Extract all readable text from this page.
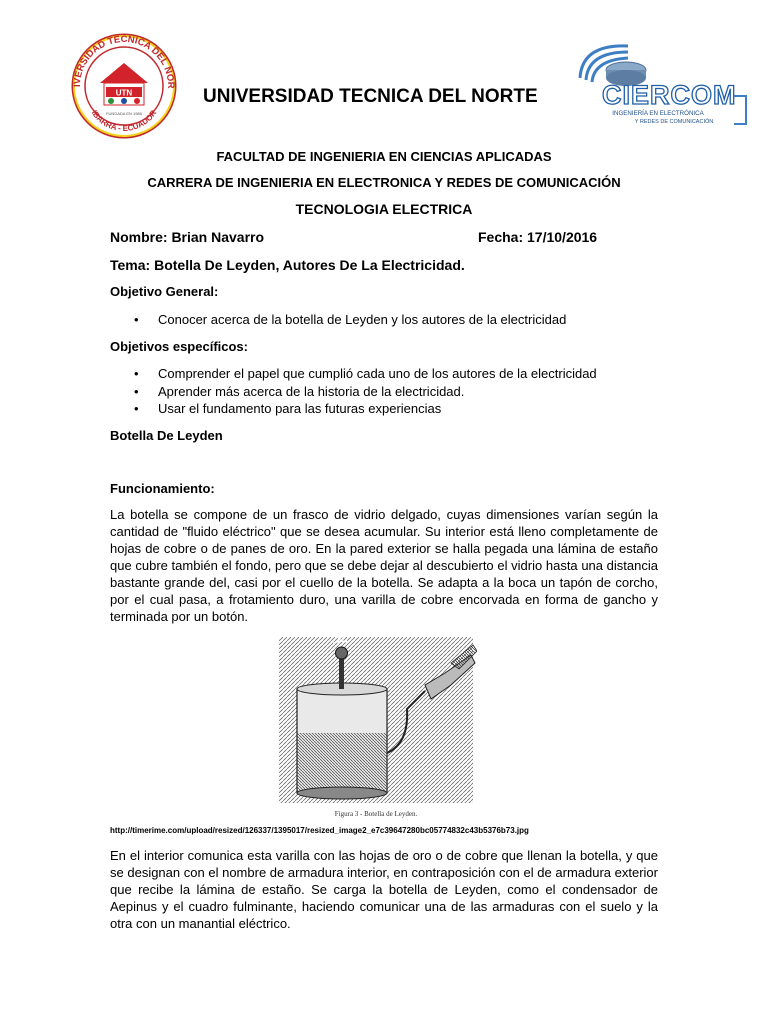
IVERSIDAD TECNICA DEL NOR
IBARRA - ECUADOR
UTN
FUNDADA EN 1986
UNIVERSIDAD TECNICA DEL NORTE CIERCOM
INGENIERÍA EN ELECTRÓNICA
Y REDES DE COMUNICACIÓN
FACULTAD DE INGENIERIA EN CIENCIAS APLICADAS
CARRERA DE INGENIERIA EN ELECTRONICA Y REDES DE COMUNICACIÓN
TECNOLOGIA ELECTRICA
Nombre: Brian Navarro	Fecha: 17/10/2016
Tema: Botella De Leyden, Autores De La Electricidad.
Objetivo General:
• Conocer acerca de la botella de Leyden y los autores de la electricidad
Objetivos específicos:
• Comprender el papel que cumplió cada uno de los autores de la electricidad
• Aprender más acerca de la historia de la electricidad.
• Usar el fundamento para las futuras experiencias
Botella De Leyden
Funcionamiento:
La botella se compone de un frasco de vidrio delgado, cuyas dimensiones varían según la cantidad de "fluido eléctrico" que se desea acumular. Su interior está lleno completamente de hojas de cobre o de panes de oro. En la pared exterior se halla pegada una lámina de estaño que cubre también el fondo, pero que se debe dejar al descubierto el vidrio hasta una distancia bastante grande del, casi por el cuello de la botella. Se adapta a la boca un tapón de corcho, por el cual pasa, a frotamiento duro, una varilla de cobre encorvada en forma de gancho y terminada por un botón.
Figura 3 - Botella de Leyden.
http://timerime.com/upload/resized/126337/1395017/resized_image2_e7c39647280bc05774832c43b5376b73.jpg
En el interior comunica esta varilla con las hojas de oro o de cobre que llenan la botella, y que se designan con el nombre de armadura interior, en contraposición con el de armadura exterior que recibe la lámina de estaño. Se carga la botella de Leyden, como el condensador de Aepinus y el cuadro fulminante, haciendo comunicar una de las armaduras con el suelo y la otra con un manantial eléctrico.
